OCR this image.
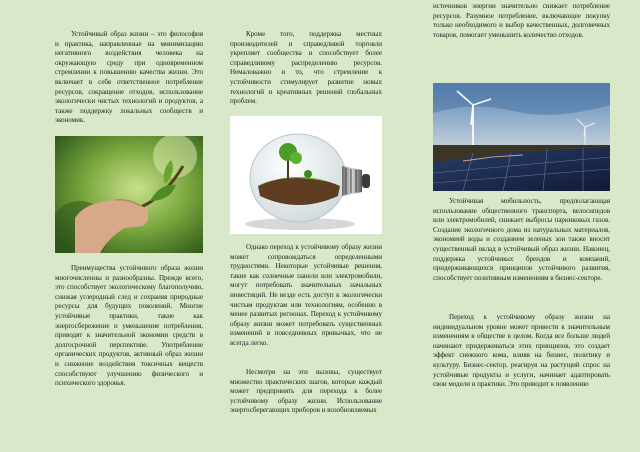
Устойчивый образ жизни – это философия и практика, направленные на минимизацию негативного воздействия человека на окружающую среду при одновременном стремлении к повышению качества жизни. Это включает в себя ответственное потребление ресурсов, сокращение отходов, использование экологически чистых технологий и продуктов, а также поддержку локальных сообществ и экономик.

Преимущества устойчивого образа жизни многочисленны и разнообразны. Прежде всего, это способствует экологическому благополучию, снижая углеродный след и сохраняя природные ресурсы для будущих поколений. Многие устойчивые практики, такие как энергосбережение и уменьшение потребления, приводят к значительной экономии средств в долгосрочной перспективе. Употребление органических продуктов, активный образ жизни и снижение воздействия токсичных веществ способствуют улучшению физического и психического здоровья.

Кроме того, поддержка местных производителей и справедливой торговли укрепляет сообщества и способствует более справедливому распределению ресурсов. Немаловажно и то, что стремление к устойчивости стимулирует развитие новых технологий и креативных решений глобальных проблем.

Однако переход к устойчивому образу жизни может сопровождаться определенными трудностями. Некоторые устойчивые решения, такие как солнечные панели или электромобили, могут потребовать значительных начальных инвестиций. Не везде есть доступ к экологически чистым продуктам или технологиям, особенно в менее развитых регионах. Переход к устойчивому образу жизни может потребовать существенных изменений в повседневных привычках, что не всегда легко.

Несмотря на эти вызовы, существует множество практических шагов, которые каждый может предпринять для перехода к более устойчивому образу жизни. Использование энергосберегающих приборов и возобновляемых

источников энергии значительно снижает потребление ресурсов. Разумное потребление, включающее покупку только необходимого и выбор качественных, долговечных товаров, помогает уменьшить количество отходов.

Устойчивая мобильность, предполагающая использование общественного транспорта, велосипедов или электромобилей, снижает выбросы парниковых газов. Создание экологичного дома из натуральных материалов, экономией воды и созданием зеленых зон также вносит существенный вклад в устойчивый образ жизни. Наконец, поддержка устойчивых брендов и компаний, придерживающихся принципов устойчивого развития, способствует позитивным изменениям в бизнес-секторе.

Переход к устойчивому образу жизни на индивидуальном уровне может привести к значительным изменениям в обществе в целом. Когда все больше людей начинают придерживаться этих принципов, это создает эффект снежного кома, влияя на бизнес, политику и культуру. Бизнес-сектор, реагируя на растущий спрос на устойчивые продукты и услуги, начинает адаптировать свои модели и практики. Это приводит к появлению
